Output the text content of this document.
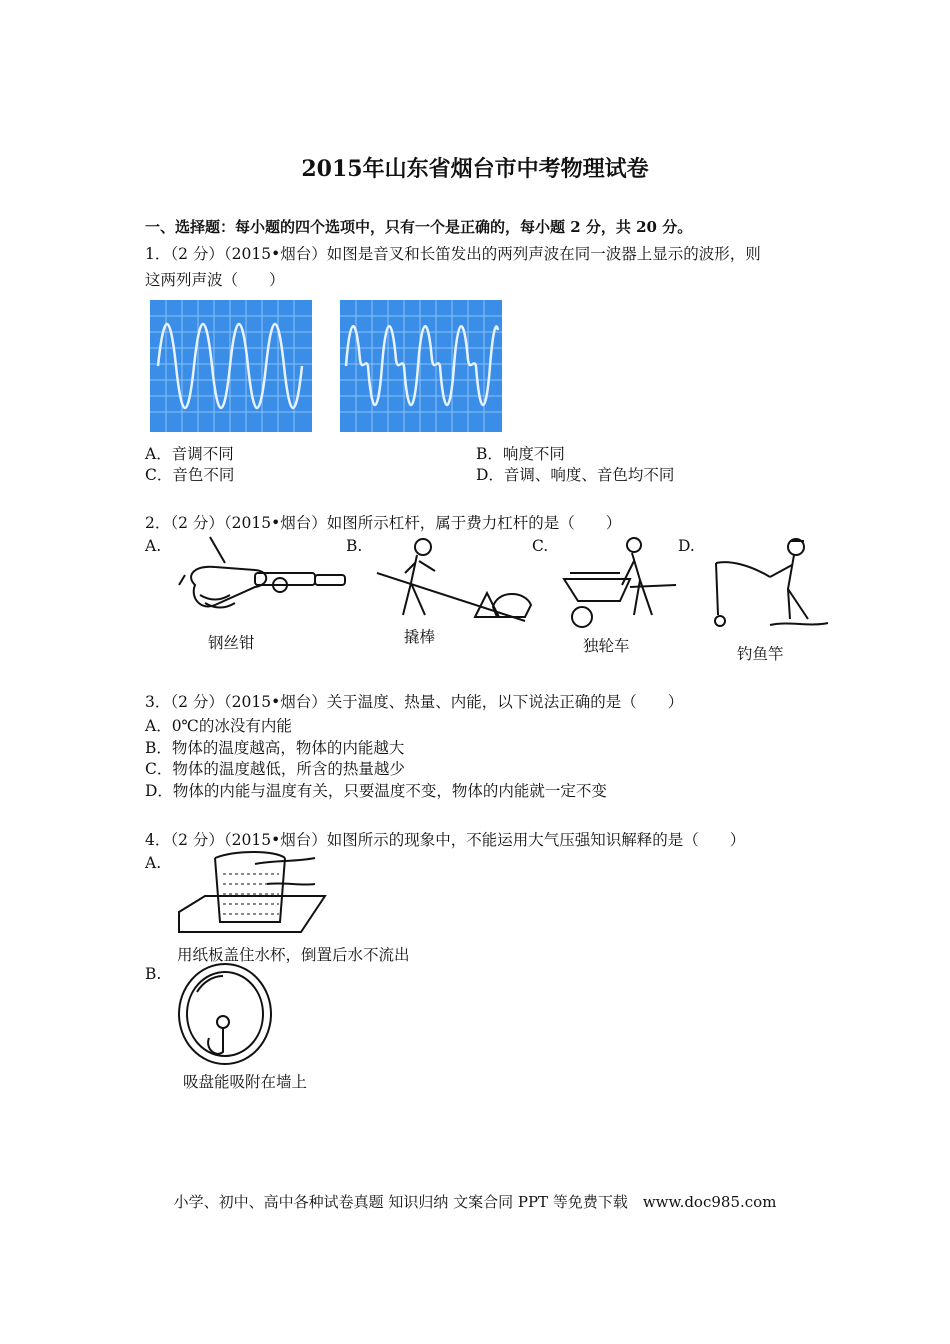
2015年山东省烟台市中考物理试卷
一、选择题：每小题的四个选项中，只有一个是正确的，每小题 2 分，共 20 分。
1．（2 分）（2015•烟台）如图是音叉和长笛发出的两列声波在同一波器上显示的波形，则
这两列声波（　　）
A．音调不同	B．响度不同
C．音色不同	D．音调、响度、音色均不同
2．（2 分）（2015•烟台）如图所示杠杆，属于费力杠杆的是（　　）
A.	B.	C.	D.
钢丝钳	撬棒	独轮车	钓鱼竿
3．（2 分）（2015•烟台）关于温度、热量、内能，以下说法正确的是（　　）
A．0℃的冰没有内能
B．物体的温度越高，物体的内能越大
C．物体的温度越低，所含的热量越少
D．物体的内能与温度有关，只要温度不变，物体的内能就一定不变
4．（2 分）（2015•烟台）如图所示的现象中，不能运用大气压强知识解释的是（　　）
A.
用纸板盖住水杯，倒置后水不流出
B.
吸盘能吸附在墙上
小学、初中、高中各种试卷真题 知识归纳 文案合同 PPT 等免费下载　www.doc985.com
